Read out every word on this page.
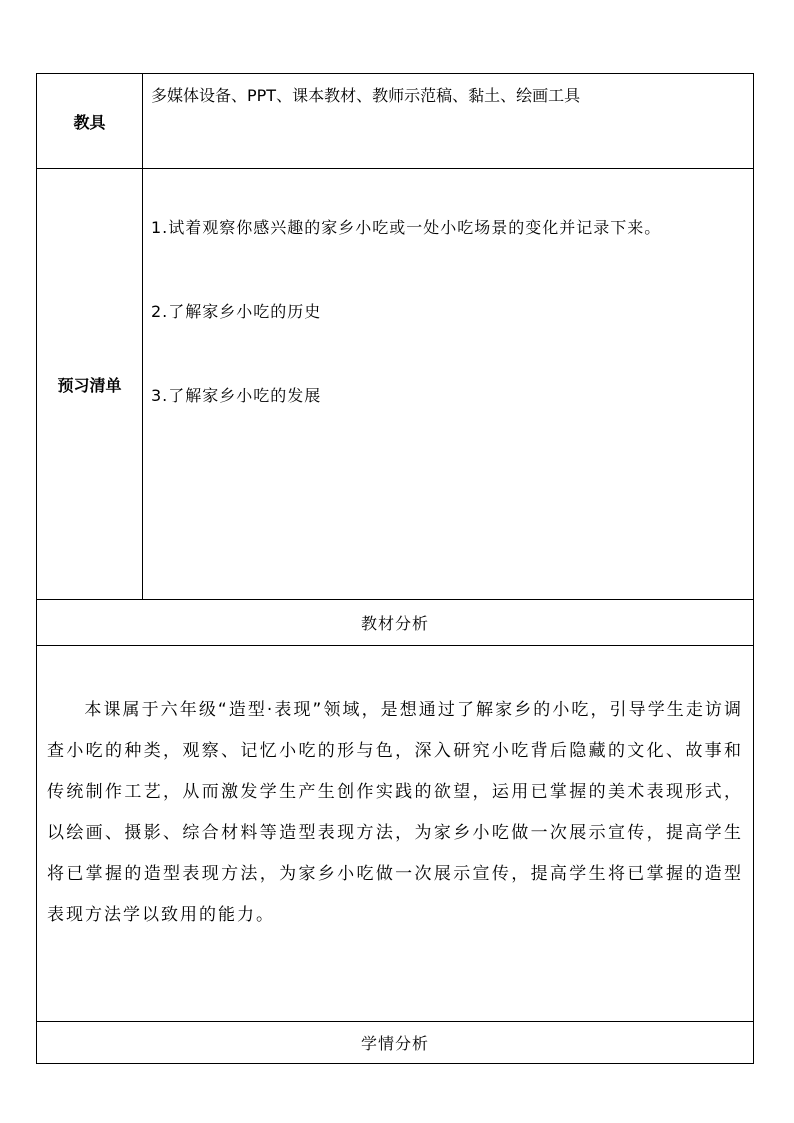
教具	多媒体设备、PPT、课本教材、教师示范稿、黏土、绘画工具
预习清单	1.试着观察你感兴趣的家乡小吃或一处小吃场景的变化并记录下来。
2.了解家乡小吃的历史
3.了解家乡小吃的发展

教材分析	

本课属于六年级“造型·表现”领域，是想通过了解家乡的小吃，引导学生走访调查小吃的种类，观察、记忆小吃的形与色，深入研究小吃背后隐藏的文化、故事和传统制作工艺，从而激发学生产生创作实践的欲望，运用已掌握的美术表现形式，以绘画、摄影、综合材料等造型表现方法，为家乡小吃做一次展示宣传，提高学生将已掌握的造型表现方法，为家乡小吃做一次展示宣传，提高学生将已掌握的造型表现方法学以致用的能力。	

学情分析	
